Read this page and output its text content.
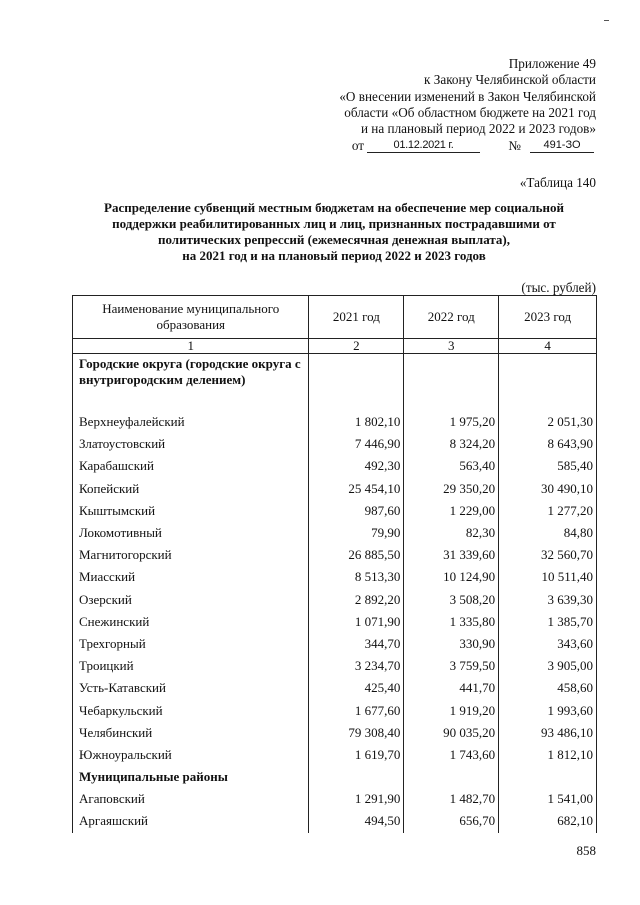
Приложение 49
к Закону Челябинской области
«О внесении изменений в Закон Челябинской
области «Об областном бюджете на 2021 год
и на плановый период 2022 и 2023 годов»
от	01.12.2021 г.	№	491-ЗО
«Таблица 140
Распределение субвенций местным бюджетам на обеспечение мер социальной
поддержки реабилитированных лиц и лиц, признанных пострадавшими от
политических репрессий (ежемесячная денежная выплата),
на 2021 год и на плановый период 2022 и 2023 годов
(тыс. рублей)
Наименование муниципального образования	2021 год	2022 год	2023 год
1	2	3	4
Городские округа (городские округа с внутригородским делением)			
Верхнеуфалейский	1 802,10	1 975,20	2 051,30
Златоустовский	7 446,90	8 324,20	8 643,90
Карабашский	492,30	563,40	585,40
Копейский	25 454,10	29 350,20	30 490,10
Кыштымский	987,60	1 229,00	1 277,20
Локомотивный	79,90	82,30	84,80
Магнитогорский	26 885,50	31 339,60	32 560,70
Миасский	8 513,30	10 124,90	10 511,40
Озерский	2 892,20	3 508,20	3 639,30
Снежинский	1 071,90	1 335,80	1 385,70
Трехгорный	344,70	330,90	343,60
Троицкий	3 234,70	3 759,50	3 905,00
Усть-Катавский	425,40	441,70	458,60
Чебаркульский	1 677,60	1 919,20	1 993,60
Челябинский	79 308,40	90 035,20	93 486,10
Южноуральский	1 619,70	1 743,60	1 812,10
Муниципальные районы			
Агаповский	1 291,90	1 482,70	1 541,00
Аргаяшский	494,50	656,70	682,10
858
